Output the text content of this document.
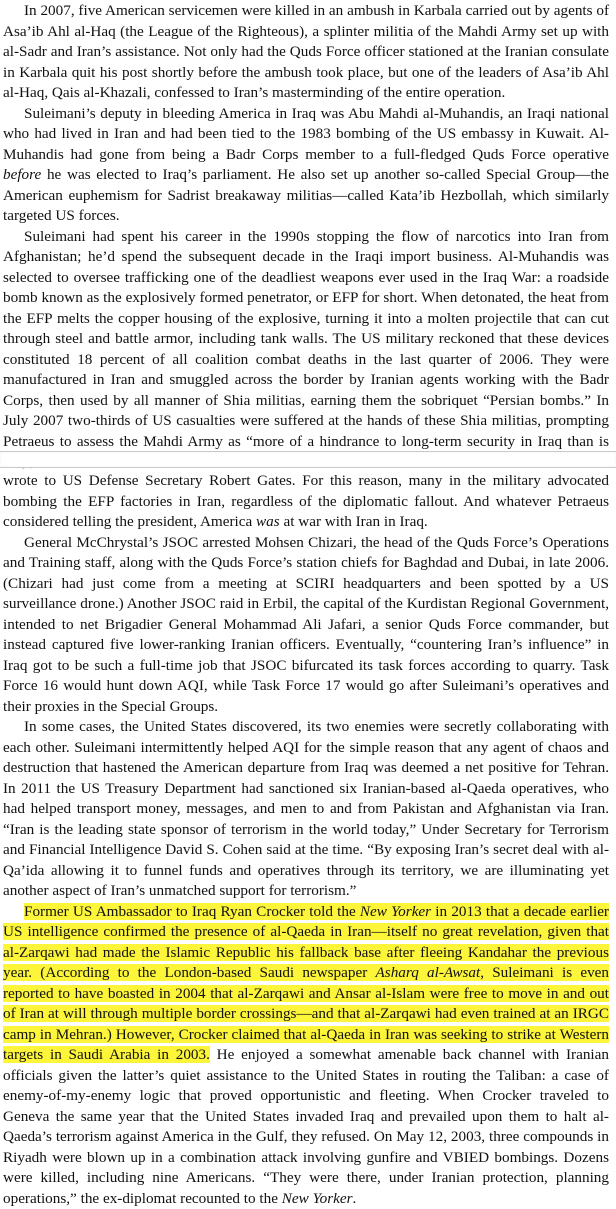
In 2007, five American servicemen were killed in an ambush in Karbala carried out by agents of Asa’ib Ahl al-Haq (the League of the Righteous), a splinter militia of the Mahdi Army set up with al-Sadr and Iran’s assistance. Not only had the Quds Force officer stationed at the Iranian consulate in Karbala quit his post shortly before the ambush took place, but one of the leaders of Asa’ib Ahl al-Haq, Qais al-Khazali, confessed to Iran’s masterminding of the entire operation.

Suleimani’s deputy in bleeding America in Iraq was Abu Mahdi al-Muhandis, an Iraqi national who had lived in Iran and had been tied to the 1983 bombing of the US embassy in Kuwait. Al-Muhandis had gone from being a Badr Corps member to a full-fledged Quds Force operative before he was elected to Iraq’s parliament. He also set up another so-called Special Group—the American euphemism for Sadrist breakaway militias—called Kata’ib Hezbollah, which similarly targeted US forces.

Suleimani had spent his career in the 1990s stopping the flow of narcotics into Iran from Afghanistan; he’d spend the subsequent decade in the Iraqi import business. Al-Muhandis was selected to oversee trafficking one of the deadliest weapons ever used in the Iraq War: a roadside bomb known as the explosively formed penetrator, or EFP for short. When detonated, the heat from the EFP melts the copper housing of the explosive, turning it into a molten projectile that can cut through steel and battle armor, including tank walls. The US military reckoned that these devices constituted 18 percent of all coalition combat deaths in the last quarter of 2006. They were manufactured in Iran and smuggled across the border by Iranian agents working with the Badr Corps, then used by all manner of Shia militias, earning them the sobriquet “Persian bombs.” In July 2007 two-thirds of US casualties were suffered at the hands of these Shia militias, prompting Petraeus to assess the Mahdi Army as “more of a hindrance to long-term security in Iraq than is

wrote to US Defense Secretary Robert Gates. For this reason, many in the military advocated bombing the EFP factories in Iran, regardless of the diplomatic fallout. And whatever Petraeus considered telling the president, America was at war with Iran in Iraq.

General McChrystal’s JSOC arrested Mohsen Chizari, the head of the Quds Force’s Operations and Training staff, along with the Quds Force’s station chiefs for Baghdad and Dubai, in late 2006. (Chizari had just come from a meeting at SCIRI headquarters and been spotted by a US surveillance drone.) Another JSOC raid in Erbil, the capital of the Kurdistan Regional Government, intended to net Brigadier General Mohammad Ali Jafari, a senior Quds Force commander, but instead captured five lower-ranking Iranian officers. Eventually, “countering Iran’s influence” in Iraq got to be such a full-time job that JSOC bifurcated its task forces according to quarry. Task Force 16 would hunt down AQI, while Task Force 17 would go after Suleimani’s operatives and their proxies in the Special Groups.

In some cases, the United States discovered, its two enemies were secretly collaborating with each other. Suleimani intermittently helped AQI for the simple reason that any agent of chaos and destruction that hastened the American departure from Iraq was deemed a net positive for Tehran. In 2011 the US Treasury Department had sanctioned six Iranian-based al-Qaeda operatives, who had helped transport money, messages, and men to and from Pakistan and Afghanistan via Iran. “Iran is the leading state sponsor of terrorism in the world today,” Under Secretary for Terrorism and Financial Intelligence David S. Cohen said at the time. “By exposing Iran’s secret deal with al-Qa’ida allowing it to funnel funds and operatives through its territory, we are illuminating yet another aspect of Iran’s unmatched support for terrorism.”

Former US Ambassador to Iraq Ryan Crocker told the New Yorker in 2013 that a decade earlier US intelligence confirmed the presence of al-Qaeda in Iran—itself no great revelation, given that al-Zarqawi had made the Islamic Republic his fallback base after fleeing Kandahar the previous year. (According to the London-based Saudi newspaper Asharq al-Awsat, Suleimani is even reported to have boasted in 2004 that al-Zarqawi and Ansar al-Islam were free to move in and out of Iran at will through multiple border crossings—and that al-Zarqawi had even trained at an IRGC camp in Mehran.) However, Crocker claimed that al-Qaeda in Iran was seeking to strike at Western targets in Saudi Arabia in 2003. He enjoyed a somewhat amenable back channel with Iranian officials given the latter’s quiet assistance to the United States in routing the Taliban: a case of enemy-of-my-enemy logic that proved opportunistic and fleeting. When Crocker traveled to Geneva the same year that the United States invaded Iraq and prevailed upon them to halt al-Qaeda’s terrorism against America in the Gulf, they refused. On May 12, 2003, three compounds in Riyadh were blown up in a combination attack involving gunfire and VBIED bombings. Dozens were killed, including nine Americans. “They were there, under Iranian protection, planning operations,” the ex-diplomat recounted to the New Yorker.
